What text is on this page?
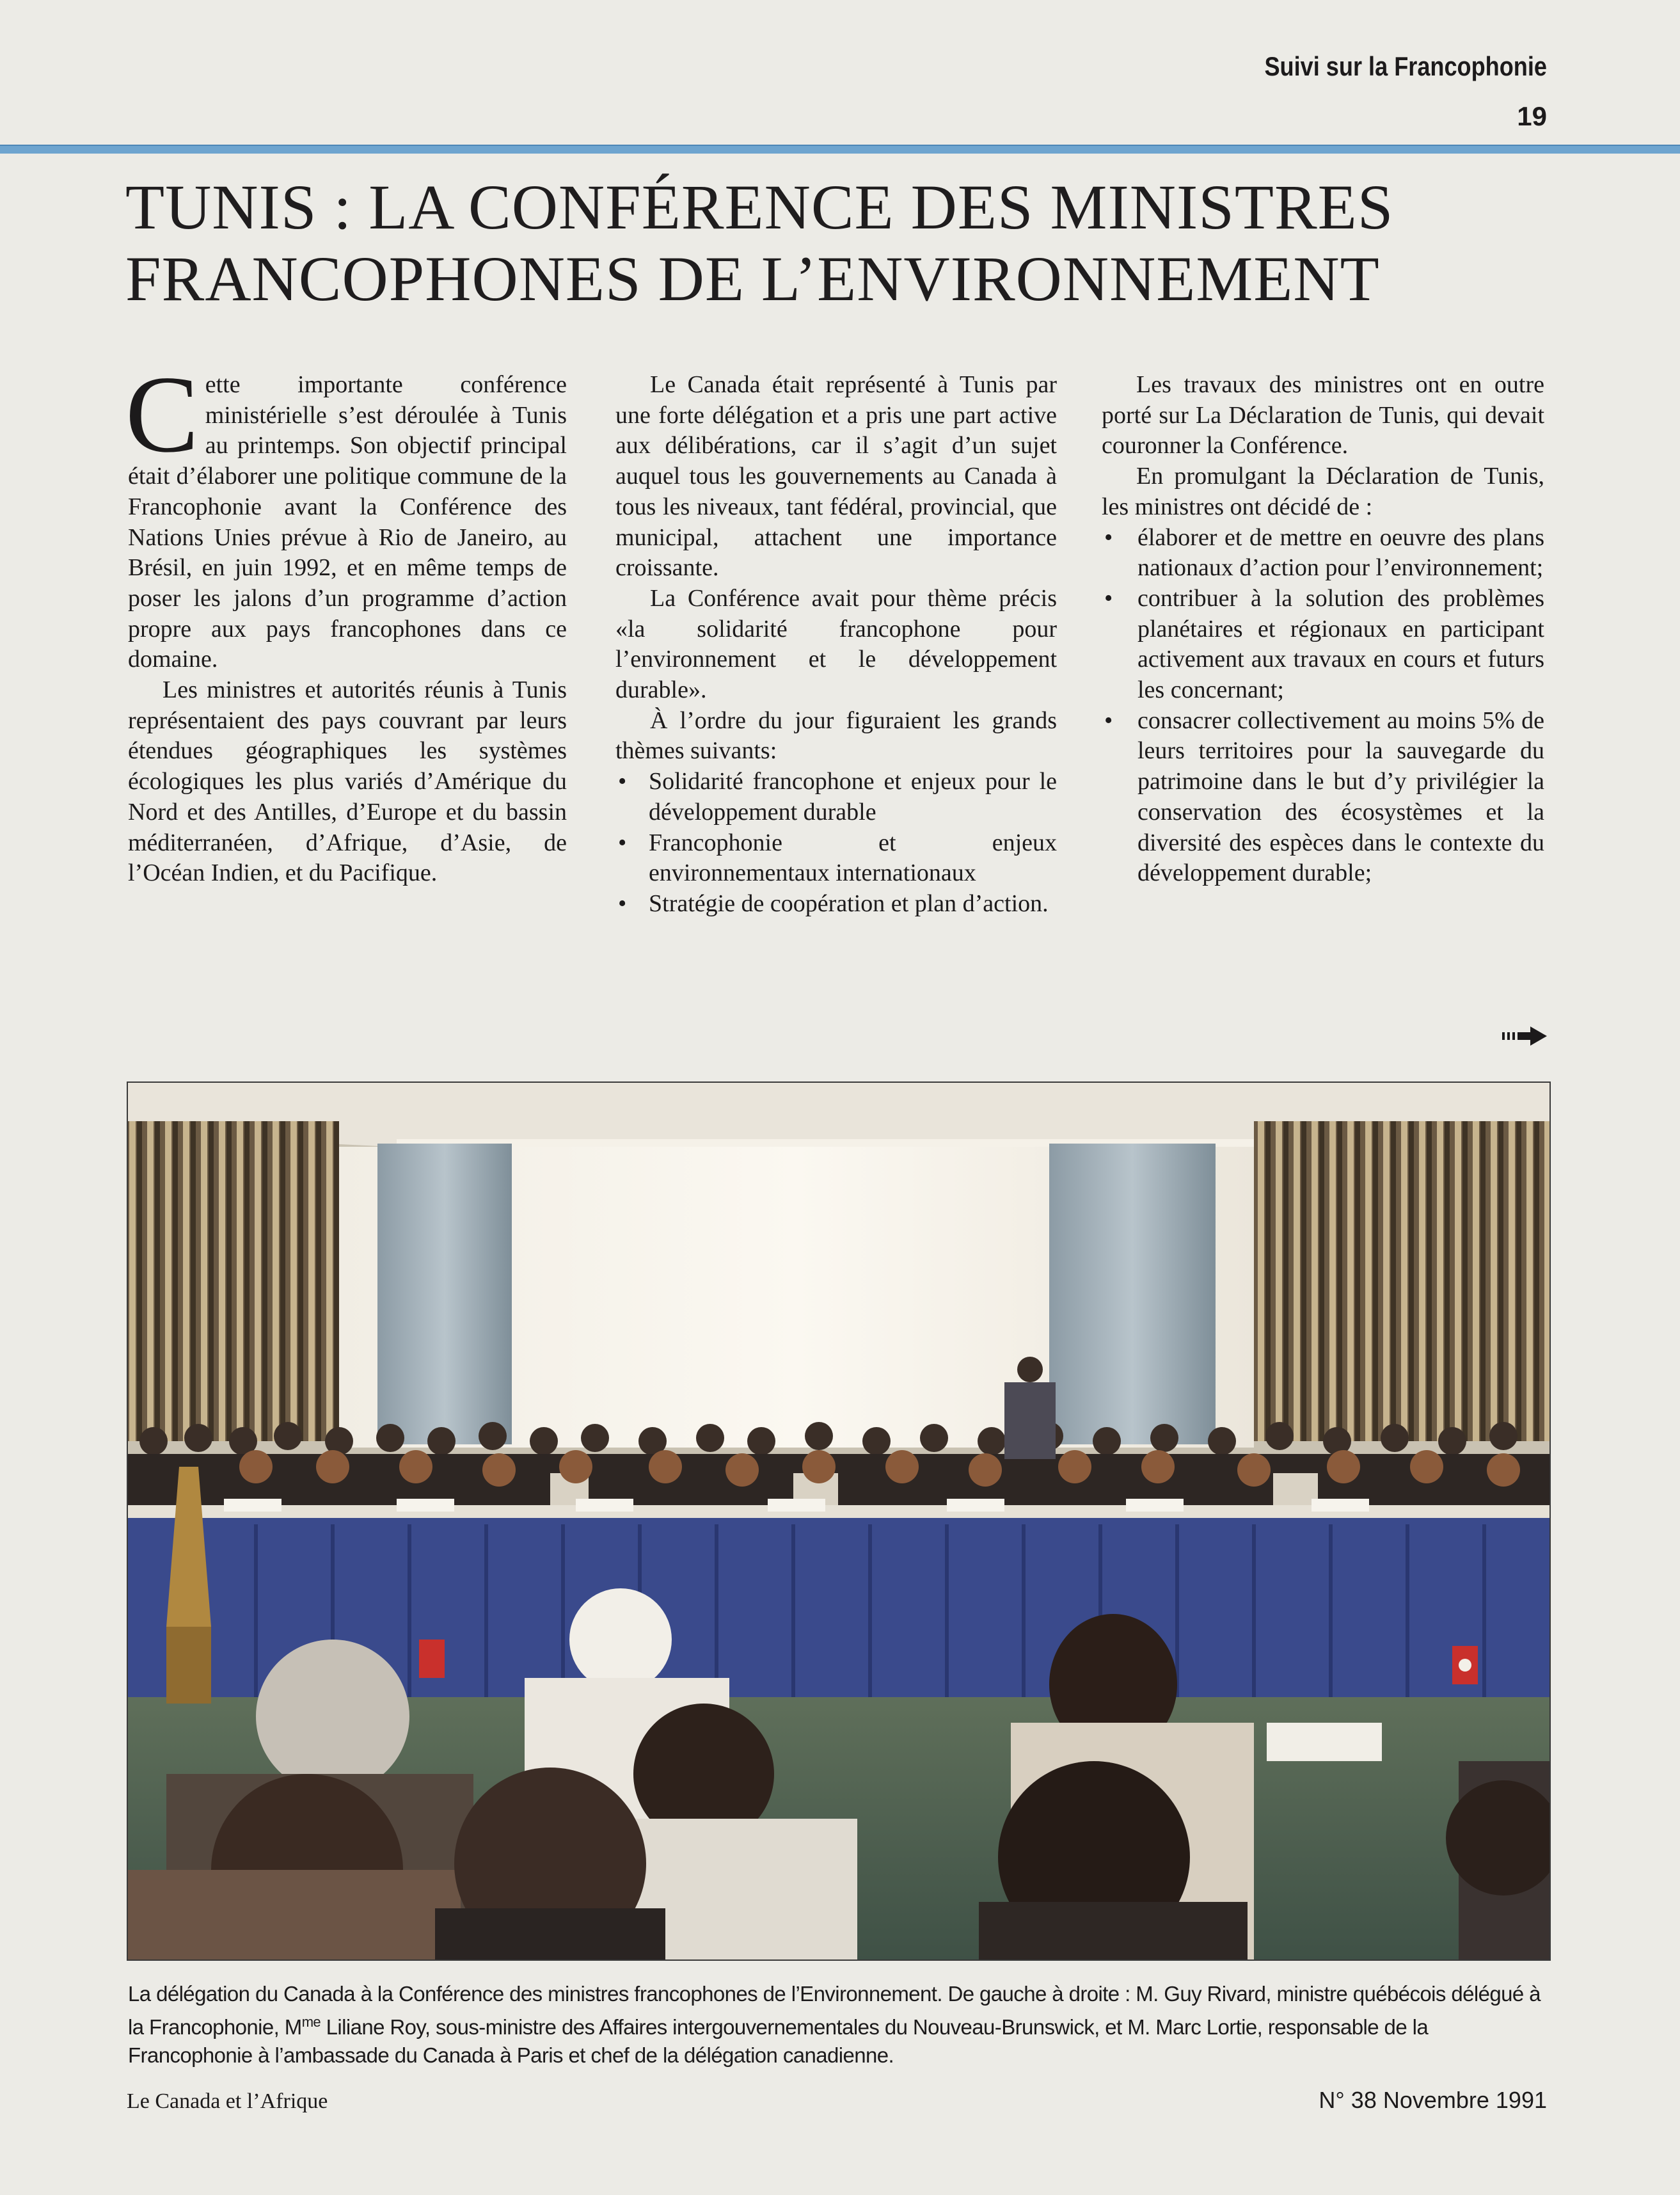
Suivi sur la Francophonie
19
TUNIS : LA CONFÉRENCE DES MINISTRES
FRANCOPHONES DE L’ENVIRONNEMENT

Cette importante conférence ministérielle s’est déroulée à Tunis au printemps. Son objectif principal était d’élaborer une politique commune de la Francophonie avant la Conférence des Nations Unies prévue à Rio de Janeiro, au Brésil, en juin 1992, et en même temps de poser les jalons d’un programme d’action propre aux pays francophones dans ce domaine.

Les ministres et autorités réunis à Tunis représentaient des pays couvrant par leurs étendues géographiques les systèmes écologiques les plus variés d’Amérique du Nord et des Antilles, d’Europe et du bassin méditerranéen, d’Afrique, d’Asie, de l’Océan Indien, et du Pacifique.

Le Canada était représenté à Tunis par une forte délégation et a pris une part active aux délibérations, car il s’agit d’un sujet auquel tous les gouvernements au Canada à tous les niveaux, tant fédéral, provincial, que municipal, attachent une importance croissante.

La Conférence avait pour thème précis «la solidarité francophone pour l’environnement et le développement durable».

À l’ordre du jour figuraient les grands thèmes suivants:

• Solidarité francophone et enjeux pour le développement durable
• Francophonie et enjeux environnementaux internationaux
• Stratégie de coopération et plan d’action.

Les travaux des ministres ont en outre porté sur La Déclaration de Tunis, qui devait couronner la Conférence.

En promulgant la Déclaration de Tunis, les ministres ont décidé de :

• élaborer et de mettre en oeuvre des plans nationaux d’action pour l’environnement;
• contribuer à la solution des problèmes planétaires et régionaux en participant activement aux travaux en cours et futurs les concernant;
• consacrer collectivement au moins 5% de leurs territoires pour la sauvegarde du patrimoine dans le but d’y privilégier la conservation des écosystèmes et la diversité des espèces dans le contexte du développement durable;
La délégation du Canada à la Conférence des ministres francophones de l’Environnement. De gauche à droite : M. Guy Rivard, ministre québécois délégué à la Francophonie, $M^{me}$ Liliane Roy, sous-ministre des Affaires intergouvernementales du Nouveau-Brunswick, et M. Marc Lortie, responsable de la Francophonie à l’ambassade du Canada à Paris et chef de la délégation canadienne.
Le Canada et l’Afrique	N° 38 Novembre 1991
